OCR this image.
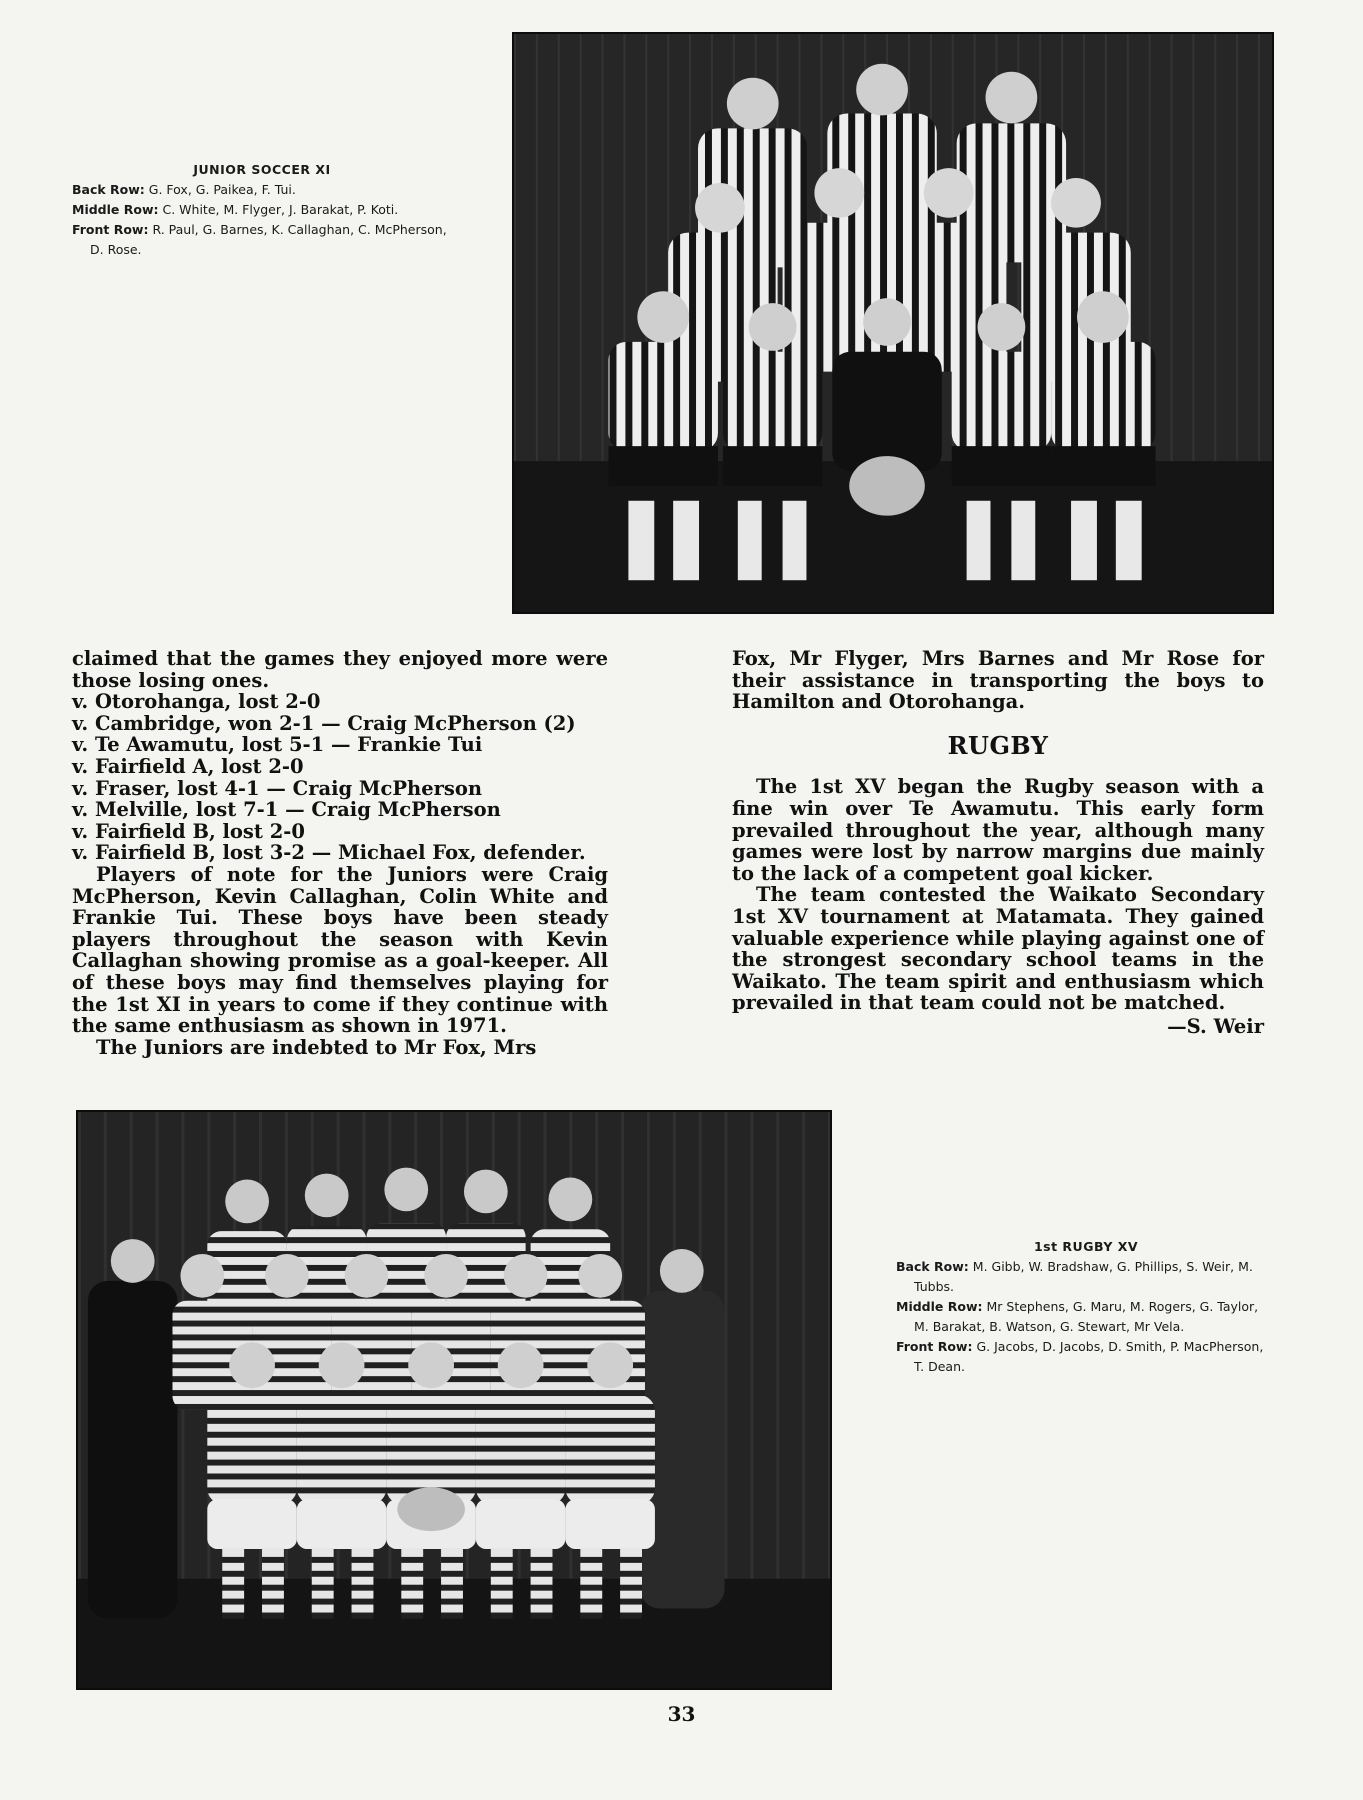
JUNIOR SOCCER XI
Back Row: G. Fox, G. Paikea, F. Tui.
Middle Row: C. White, M. Flyger, J. Barakat, P. Koti.
Front Row: R. Paul, G. Barnes, K. Callaghan, C. McPherson, D. Rose.

claimed that the games they enjoyed more were those losing ones.

v. Otorohanga, lost 2-0
v. Cambridge, won 2-1 — Craig McPherson (2)
v. Te Awamutu, lost 5-1 — Frankie Tui
v. Fairfield A, lost 2-0
v. Fraser, lost 4-1 — Craig McPherson
v. Melville, lost 7-1 — Craig McPherson
v. Fairfield B, lost 2-0
v. Fairfield B, lost 3-2 — Michael Fox, defender.

Players of note for the Juniors were Craig McPherson, Kevin Callaghan, Colin White and Frankie Tui. These boys have been steady players throughout the season with Kevin Callaghan showing promise as a goal-keeper. All of these boys may find themselves playing for the 1st XI in years to come if they continue with the same enthusiasm as shown in 1971.

The Juniors are indebted to Mr Fox, Mrs

Fox, Mr Flyger, Mrs Barnes and Mr Rose for their assistance in transporting the boys to Hamilton and Otorohanga.

RUGBY

The 1st XV began the Rugby season with a fine win over Te Awamutu. This early form prevailed throughout the year, although many games were lost by narrow margins due mainly to the lack of a competent goal kicker.

The team contested the Waikato Secondary 1st XV tournament at Matamata. They gained valuable experience while playing against one of the strongest secondary school teams in the Waikato. The team spirit and enthusiasm which prevailed in that team could not be matched.

—S. Weir
1st RUGBY XV
Back Row: M. Gibb, W. Bradshaw, G. Phillips, S. Weir, M. Tubbs.
Middle Row: Mr Stephens, G. Maru, M. Rogers, G. Taylor, M. Barakat, B. Watson, G. Stewart, Mr Vela.
Front Row: G. Jacobs, D. Jacobs, D. Smith, P. MacPherson, T. Dean.
33
